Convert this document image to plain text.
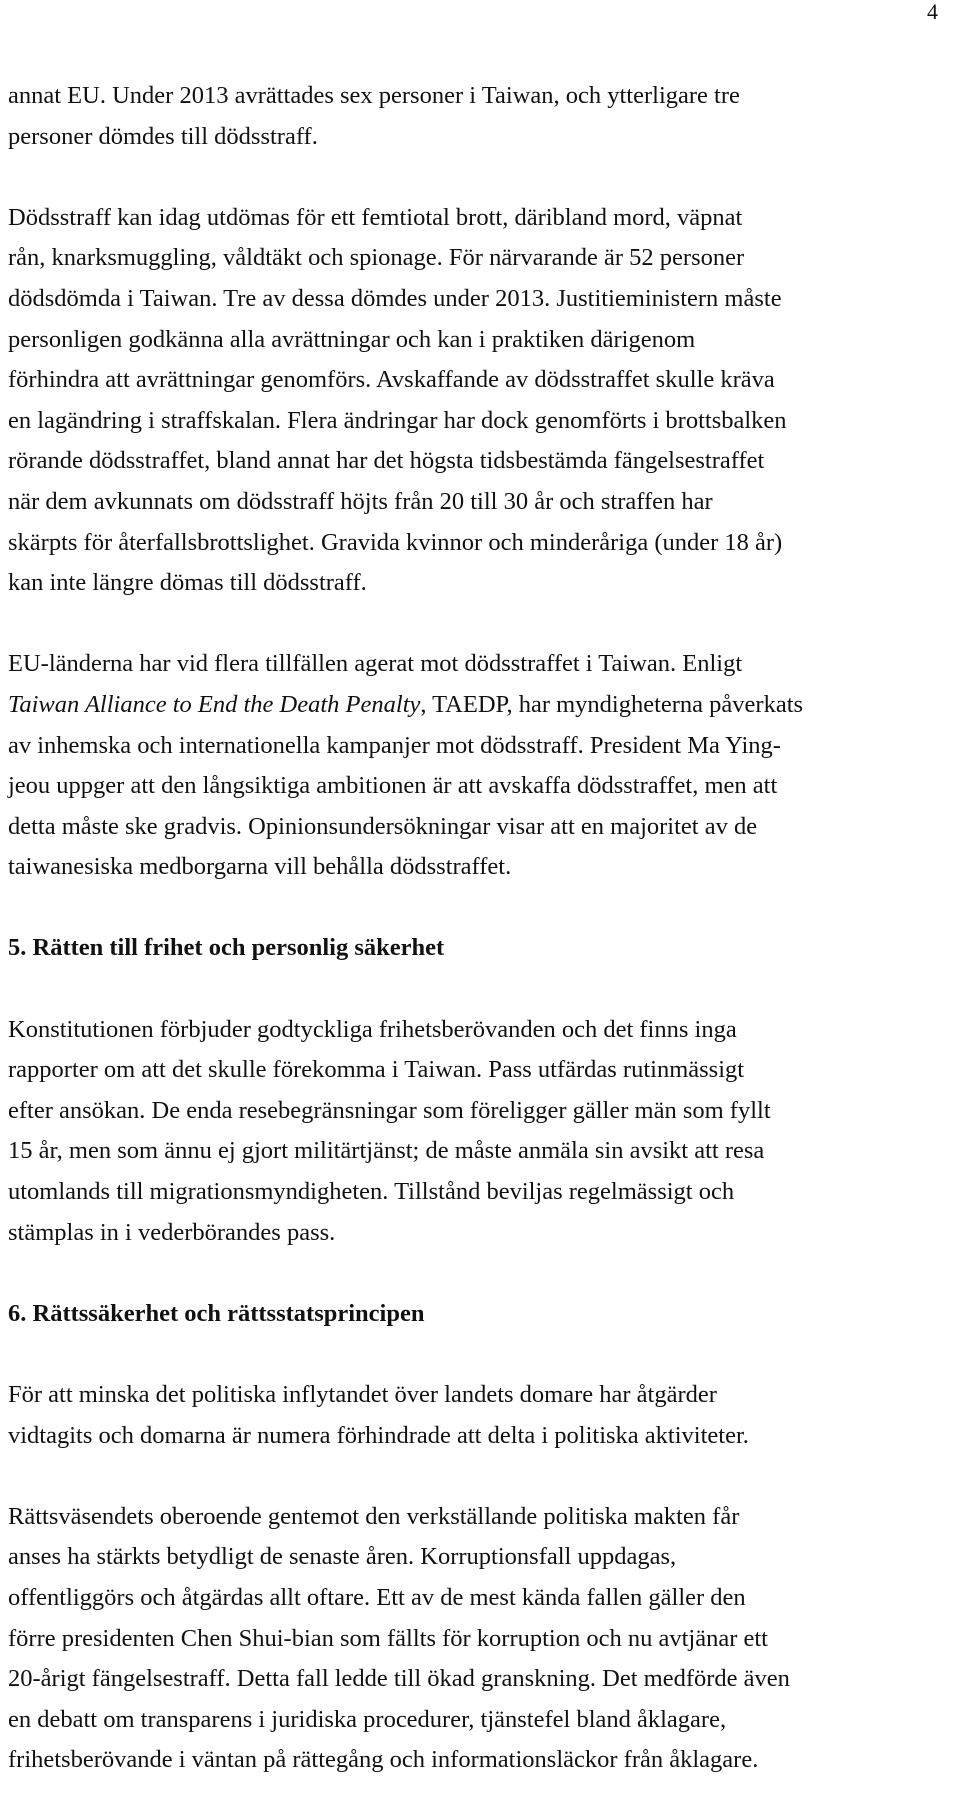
4
annat EU. Under 2013 avrättades sex personer i Taiwan, och ytterligare tre
personer dömdes till dödsstraff.
Dödsstraff kan idag utdömas för ett femtiotal brott, däribland mord, väpnat
rån, knarksmuggling, våldtäkt och spionage. För närvarande är 52 personer
dödsdömda i Taiwan. Tre av dessa dömdes under 2013. Justitieministern måste
personligen godkänna alla avrättningar och kan i praktiken därigenom
förhindra att avrättningar genomförs. Avskaffande av dödsstraffet skulle kräva
en lagändring i straffskalan. Flera ändringar har dock genomförts i brottsbalken
rörande dödsstraffet, bland annat har det högsta tidsbestämda fängelsestraffet
när dem avkunnats om dödsstraff höjts från 20 till 30 år och straffen har
skärpts för återfallsbrottslighet. Gravida kvinnor och minderåriga (under 18 år)
kan inte längre dömas till dödsstraff.
EU-länderna har vid flera tillfällen agerat mot dödsstraffet i Taiwan. Enligt
Taiwan Alliance to End the Death Penalty, TAEDP, har myndigheterna påverkats
av inhemska och internationella kampanjer mot dödsstraff. President Ma Ying-
jeou uppger att den långsiktiga ambitionen är att avskaffa dödsstraffet, men att
detta måste ske gradvis. Opinionsundersökningar visar att en majoritet av de
taiwanesiska medborgarna vill behålla dödsstraffet.
5. Rätten till frihet och personlig säkerhet
Konstitutionen förbjuder godtyckliga frihetsberövanden och det finns inga
rapporter om att det skulle förekomma i Taiwan. Pass utfärdas rutinmässigt
efter ansökan. De enda resebegränsningar som föreligger gäller män som fyllt
15 år, men som ännu ej gjort militärtjänst; de måste anmäla sin avsikt att resa
utomlands till migrationsmyndigheten. Tillstånd beviljas regelmässigt och
stämplas in i vederbörandes pass.
6. Rättssäkerhet och rättsstatsprincipen
För att minska det politiska inflytandet över landets domare har åtgärder
vidtagits och domarna är numera förhindrade att delta i politiska aktiviteter.
Rättsväsendets oberoende gentemot den verkställande politiska makten får
anses ha stärkts betydligt de senaste åren. Korruptionsfall uppdagas,
offentliggörs och åtgärdas allt oftare. Ett av de mest kända fallen gäller den
förre presidenten Chen Shui-bian som fällts för korruption och nu avtjänar ett
20-årigt fängelsestraff. Detta fall ledde till ökad granskning. Det medförde även
en debatt om transparens i juridiska procedurer, tjänstefel bland åklagare,
frihetsberövande i väntan på rättegång och informationsläckor från åklagare.
